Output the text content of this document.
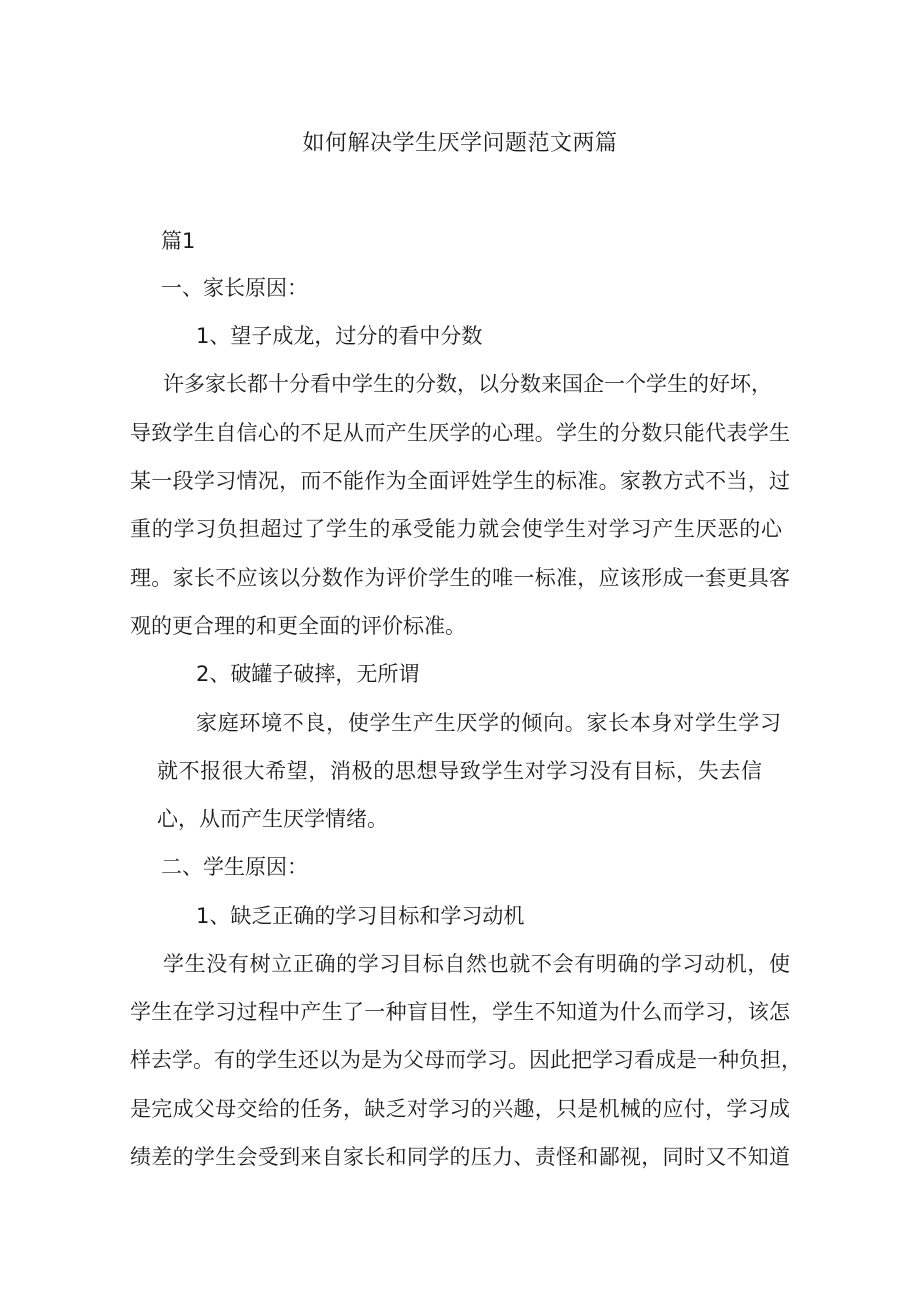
如何解决学生厌学问题范文两篇
篇1
一、家长原因：
1、望子成龙，过分的看中分数
许多家长都十分看中学生的分数，以分数来国企一个学生的好坏，
导致学生自信心的不足从而产生厌学的心理。学生的分数只能代表学生
某一段学习情况，而不能作为全面评姓学生的标准。家教方式不当，过
重的学习负担超过了学生的承受能力就会使学生对学习产生厌恶的心
理。家长不应该以分数作为评价学生的唯一标准，应该形成一套更具客
观的更合理的和更全面的评价标准。
2、破罐子破摔，无所谓
家庭环境不良，使学生产生厌学的倾向。家长本身对学生学习
就不报很大希望，消极的思想导致学生对学习没有目标，失去信
心，从而产生厌学情绪。
二、学生原因：
1、缺乏正确的学习目标和学习动机
学生没有树立正确的学习目标自然也就不会有明确的学习动机，使
学生在学习过程中产生了一种盲目性，学生不知道为什么而学习，该怎
样去学。有的学生还以为是为父母而学习。因此把学习看成是一种负担，
是完成父母交给的任务，缺乏对学习的兴趣，只是机械的应付，学习成
绩差的学生会受到来自家长和同学的压力、责怪和鄙视，同时又不知道
